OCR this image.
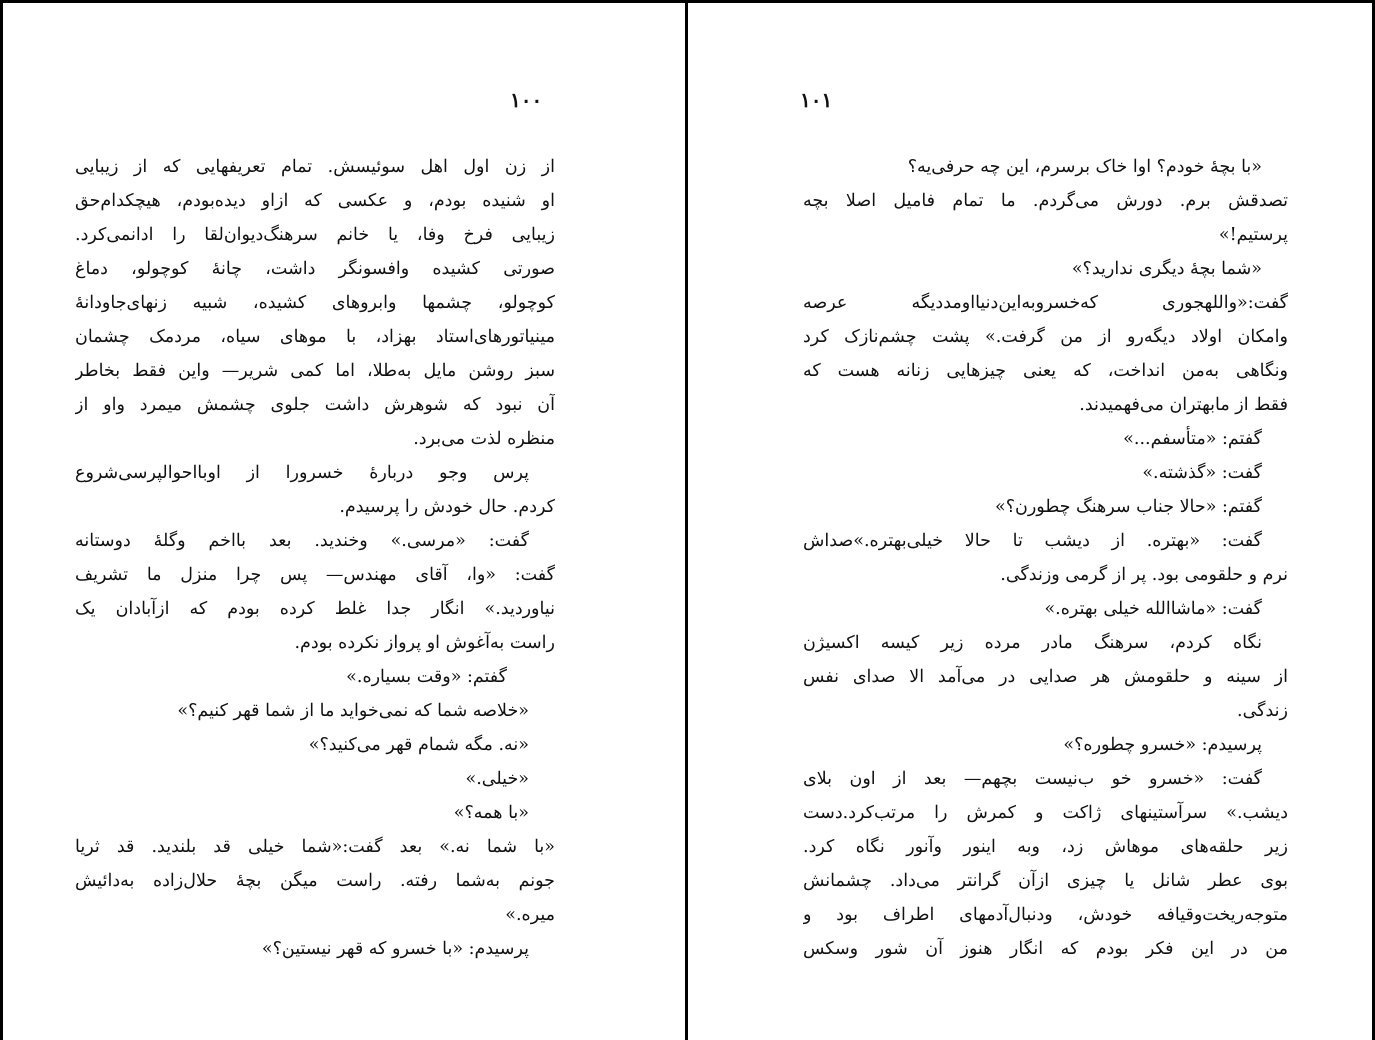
۱۰۰
از زن اول اهل سوئیسش. تمام تعریفهایی که از زیبایی
او شنیده بودم، و عکسی که ازاو دیده‌بودم، هیچکدام‌حق
زیبایی فرخ وفا، یا خانم سرهنگ‌دیوان‌لقا را ادانمی‌کرد.
صورتی کشیده وافسونگر داشت، چانهٔ کوچولو، دماغ
کوچولو، چشمها وابروهای کشیده، شبیه زنهای‌جاودانهٔ
مینیاتورهای‌استاد بهزاد، با موهای سیاه، مردمک چشمان
سبز روشن مایل به‌طلا، اما کمی شریر— واین فقط بخاطر
آن نبود که شوهرش داشت جلوی چشمش میمرد واو از
منظره لذت می‌برد.
پرس وجو دربارهٔ خسرورا از اوبااحوالپرسی‌شروع
کردم. حال خودش را پرسیدم.
گفت: «مرسی.» وخندید. بعد بااخم وگلهٔ دوستانه
گفت: «وا، آقای مهندس— پس چرا منزل ما تشریف
نیاوردید.» انگار جدا غلط کرده بودم که ازآبادان یک
راست به‌آغوش او پرواز نکرده بودم.
گفتم: «وقت بسیاره.»
«خلاصه شما که نمی‌خواید ما از شما قهر کنیم؟»
«نه. مگه شمام قهر می‌کنید؟»
«خیلی.»
«با همه؟»
«با شما نه.» بعد گفت:«شما خیلی قد بلندید. قد ثریا
جونم به‌شما رفته. راست میگن بچهٔ حلال‌زاده به‌دائیش
میره.»
پرسیدم: «با خسرو که قهر نیستین؟»
۱۰۱
«با بچهٔ خودم؟ اوا خاک برسرم، این چه حرفی‌یه؟
تصدقش برم. دورش می‌گردم. ما تمام فامیل اصلا بچه
پرستیم!»
«شما بچهٔ دیگری ندارید؟»
گفت:«واللهجوری که‌خسروبه‌این‌دنیااومددیگه عرصه
وامکان اولاد دیگه‌رو از من گرفت.» پشت چشم‌نازک کرد
ونگاهی به‌من انداخت، که یعنی چیزهایی زنانه هست که
فقط از مابهتران می‌فهمیدند.
گفتم: «متأسفم...»
گفت: «گذشته.»
گفتم: «حالا جناب سرهنگ چطورن؟»
گفت: «بهتره. از دیشب تا حالا خیلی‌بهتره.»صداش
نرم و حلقومی بود. پر از گرمی وزندگی.
گفت: «ماشاالله خیلی بهتره.»
نگاه کردم، سرهنگ مادر مرده زیر کیسه اکسیژن
از سینه و حلقومش هر صدایی در می‌آمد الا صدای نفس
زندگی.
پرسیدم: «خسرو چطوره؟»
گفت: «خسرو خو ب‌نیست بچهم— بعد از اون بلای
دیشب.» سرآستینهای ژاکت و کمرش را مرتب‌کرد.دست
زیر حلقه‌های موهاش زد، وبه اینور وآنور نگاه کرد.
بوی عطر شانل یا چیزی ازآن گرانتر می‌داد. چشمانش
متوجه‌ریخت‌وقیافه خودش، ودنبال‌آدمهای اطراف بود و
من در این فکر بودم که انگار هنوز آن شور وسکس
